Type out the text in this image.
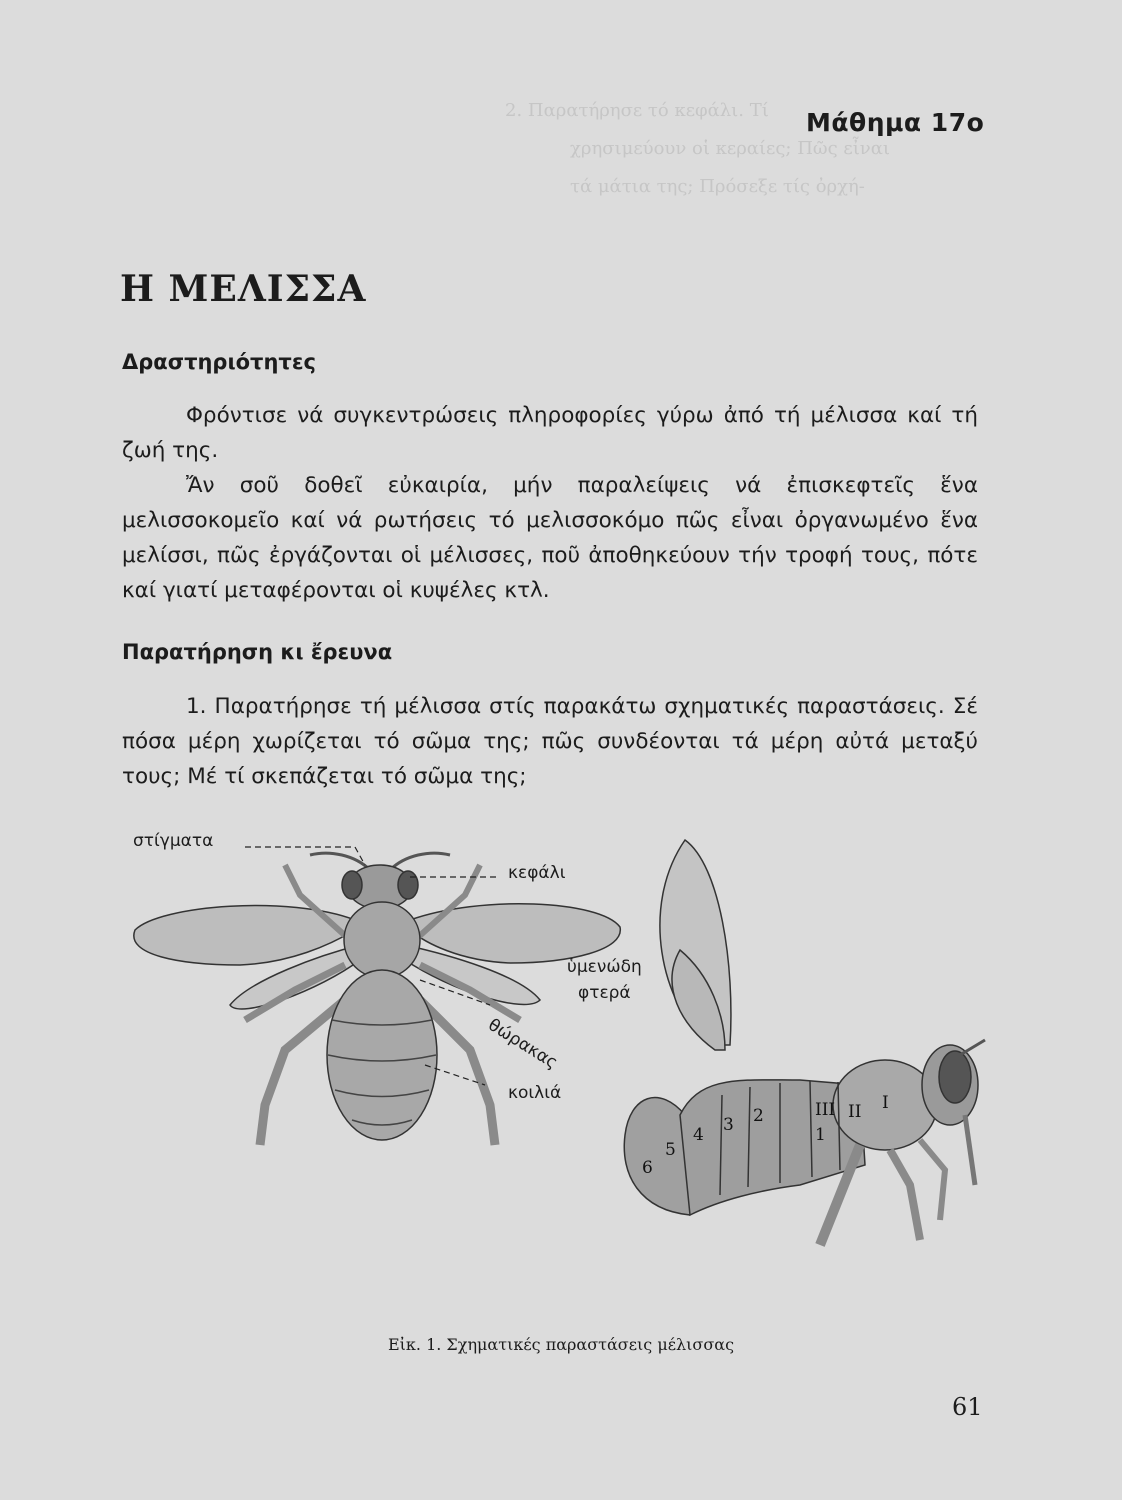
2. Παρατήρησε τό κεφάλι. Τί
χρησιμεύουν οἱ κεραίες; Πῶς εἶναι
τά μάτια της; Πρόσεξε τίς ὀρχή-
Μάθημα 17ο
Η ΜΕΛΙΣΣΑ
Δραστηριότητες

Φρόντισε νά συγκεντρώσεις πληροφορίες γύρω ἀπό τή μέλισσα καί τή ζωή της.

Ἄν σοῦ δοθεῖ εὐκαιρία, μήν παραλείψεις νά ἐπισκεφτεῖς ἕνα μελισσοκομεῖο καί νά ρωτήσεις τό μελισσοκόμο πῶς εἶναι ὀργανωμένο ἕνα μελίσσι, πῶς ἐργάζονται οἱ μέλισσες, ποῦ ἀποθηκεύουν τήν τροφή τους, πότε καί γιατί μεταφέρονται οἱ κυψέλες κτλ.

Παρατήρηση κι ἔρευνα

1. Παρατήρησε τή μέλισσα στίς παρακάτω σχηματικές παραστάσεις. Σέ πόσα μέρη χωρίζεται τό σῶμα της; πῶς συνδέονται τά μέρη αὐτά μεταξύ τους; Μέ τί σκεπάζεται τό σῶμα της;

6
5
4 3 2	III II I
1
στίγματα
κεφάλι
ὑμενώδη
φτερά
θώρακας
κοιλιά
Εἰκ. 1. Σχηματικές παραστάσεις μέλισσας
61
